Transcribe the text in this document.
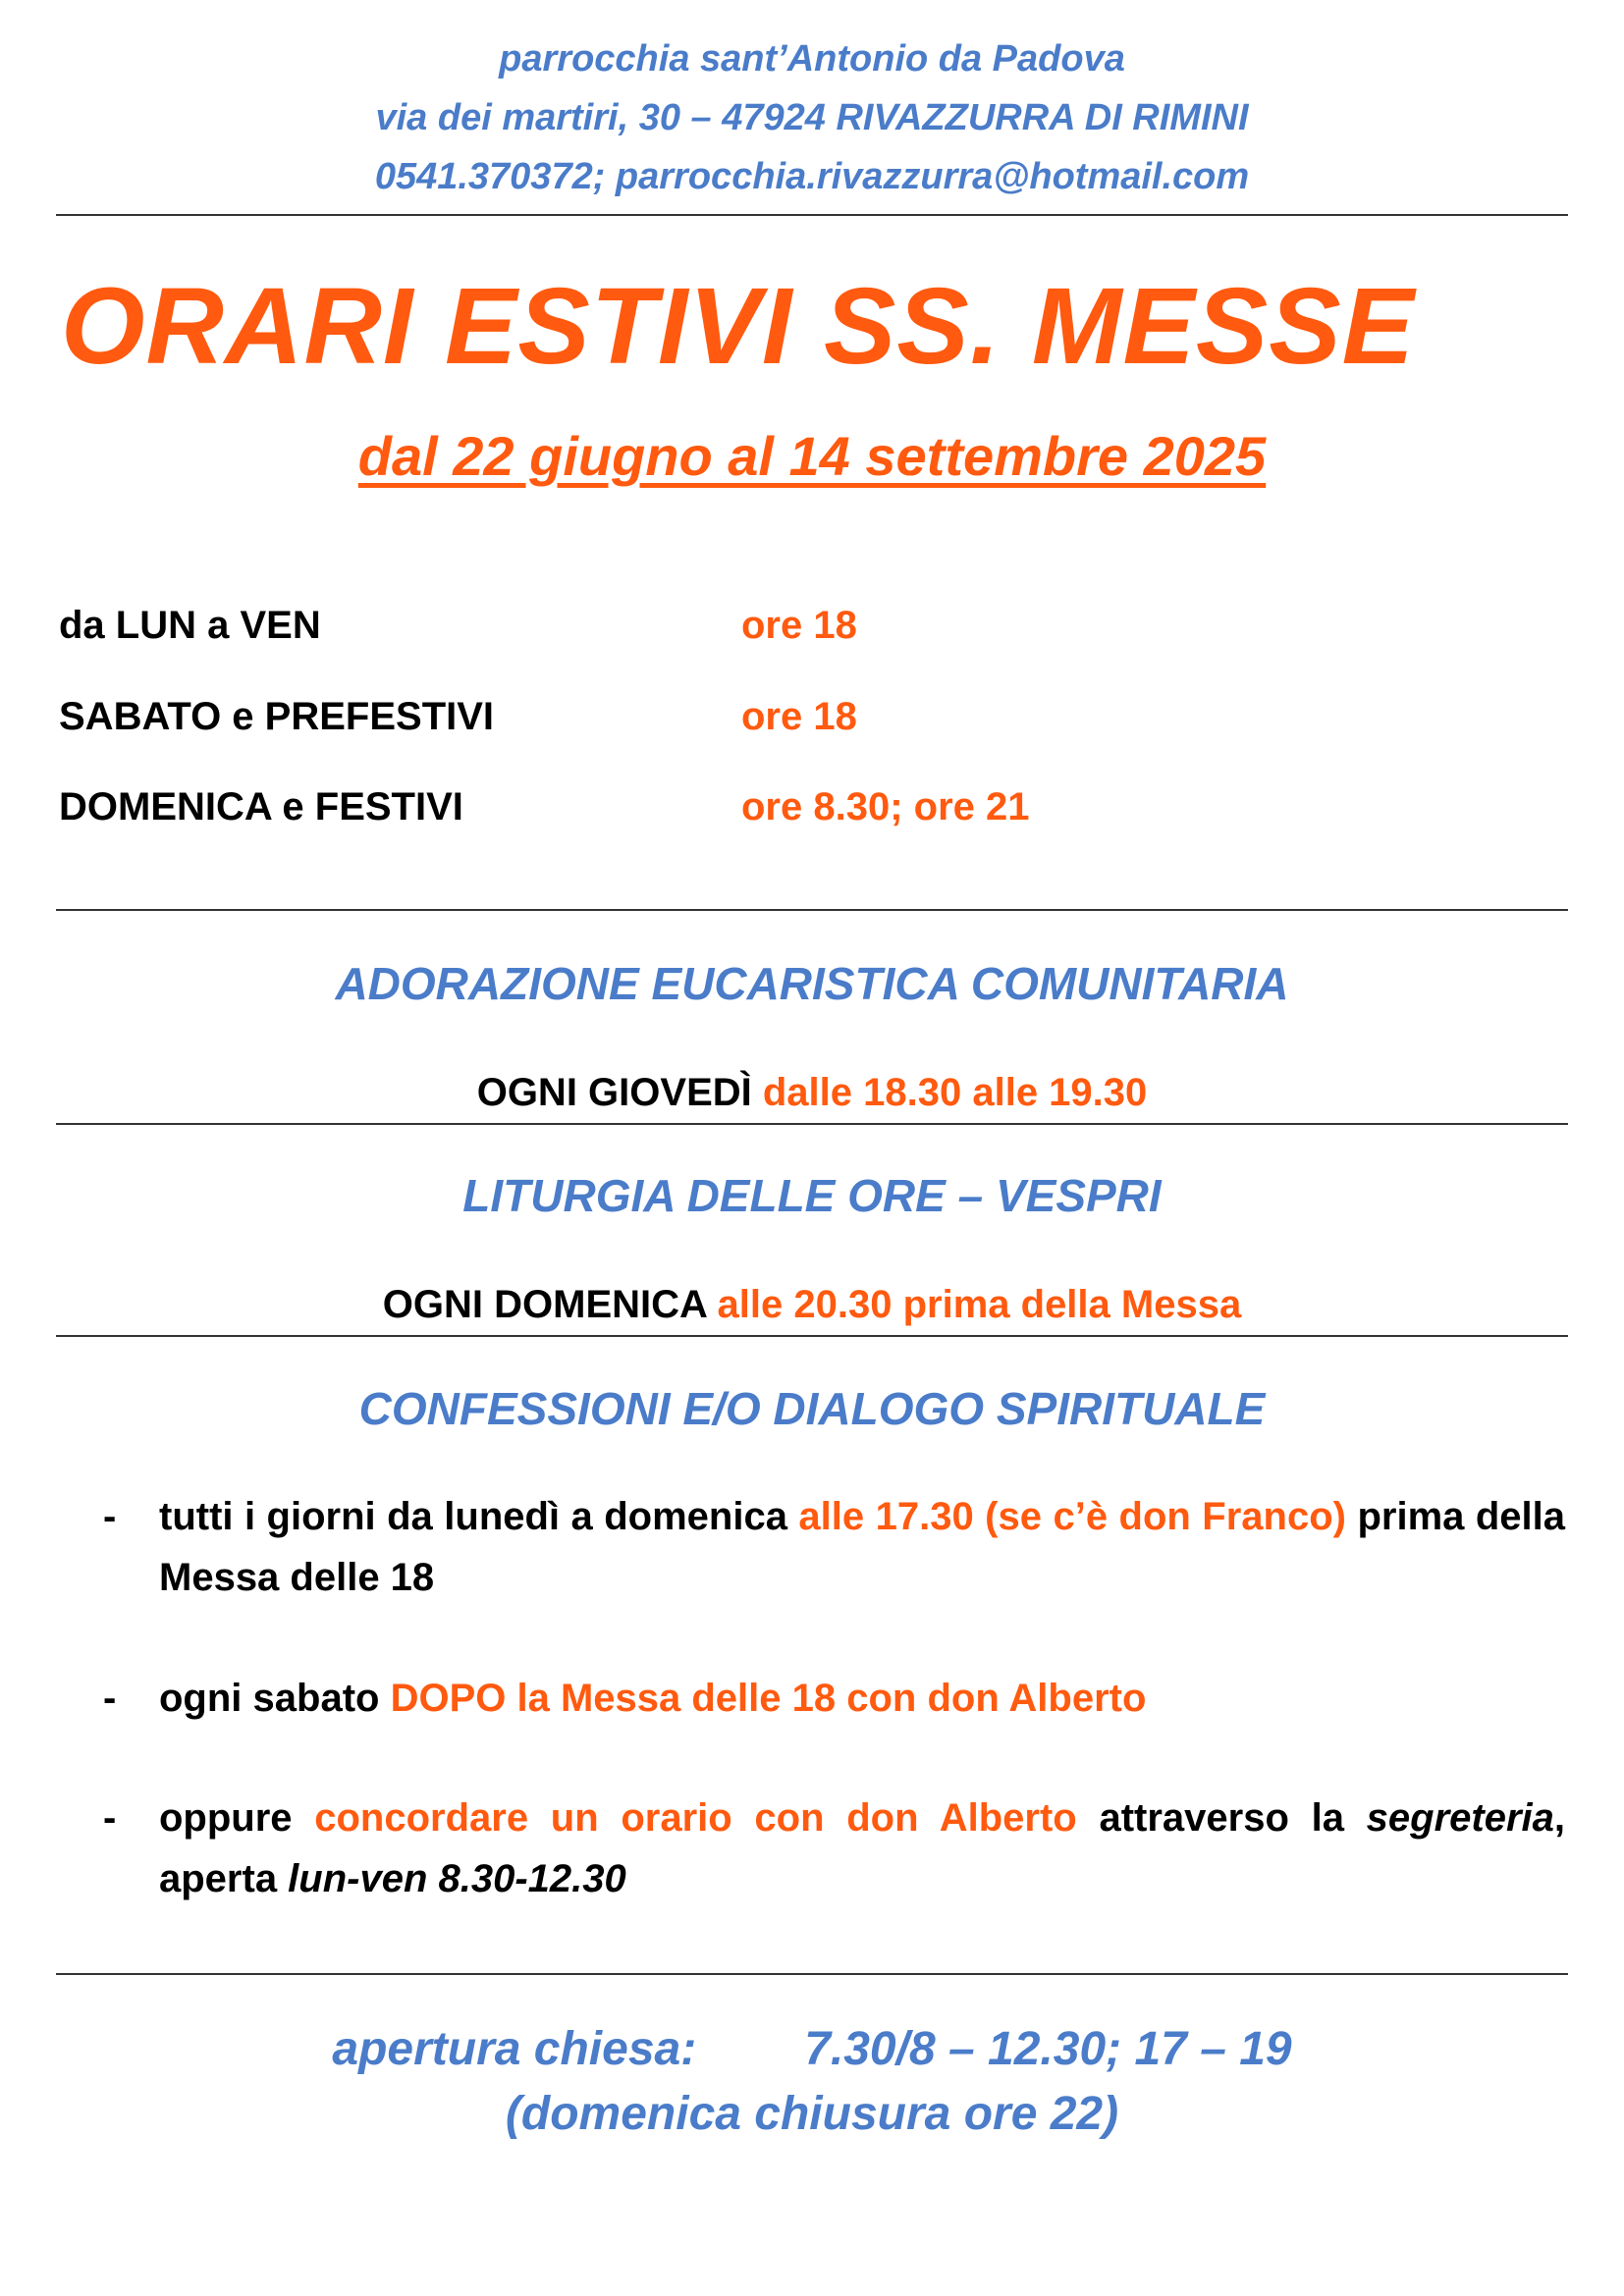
parrocchia sant’Antonio da Padova
via dei martiri, 30 – 47924 RIVAZZURRA DI RIMINI
0541.370372; parrocchia.rivazzurra@hotmail.com
ORARI ESTIVI SS. MESSE
dal 22 giugno al 14 settembre 2025
da LUN a VEN	ore 18
SABATO e PREFESTIVI	ore 18
DOMENICA e FESTIVI	ore 8.30; ore 21
ADORAZIONE EUCARISTICA COMUNITARIA
OGNI GIOVEDÌ dalle 18.30 alle 19.30
LITURGIA DELLE ORE – VESPRI
OGNI DOMENICA alle 20.30 prima della Messa
CONFESSIONI E/O DIALOGO SPIRITUALE
- tutti i giorni da lunedì a domenica alle 17.30 (se c’è don Franco) prima della Messa delle 18
- ogni sabato DOPO la Messa delle 18 con don Alberto
- oppure concordare un orario con don Alberto attraverso la segreteria, aperta lun-ven 8.30-12.30
apertura chiesa: 7.30/8 – 12.30; 17 – 19
(domenica chiusura ore 22)
